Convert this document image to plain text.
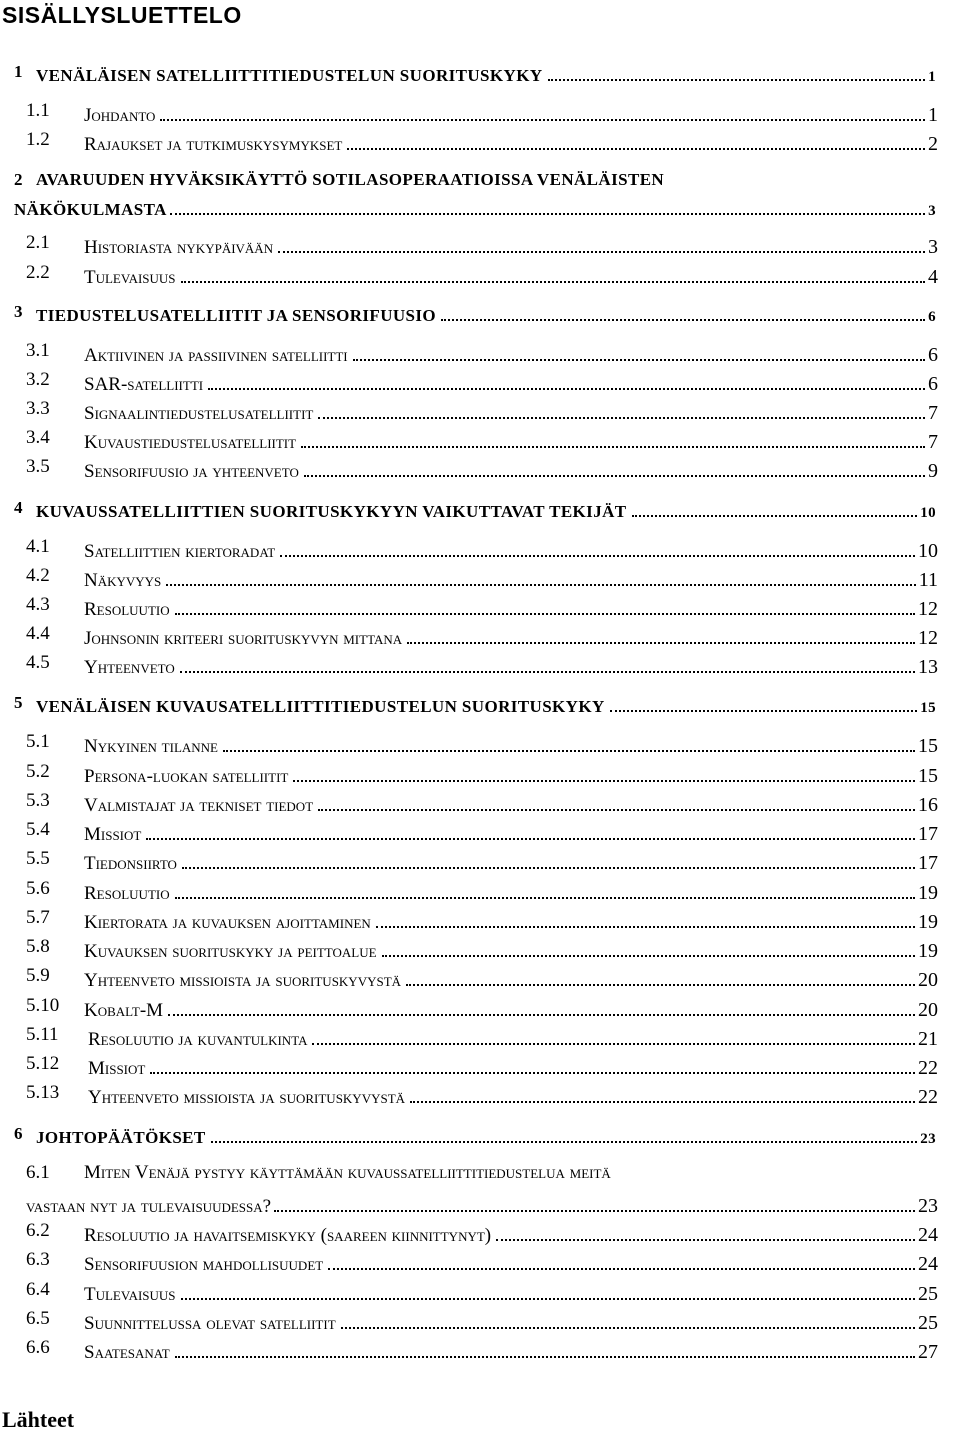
SISÄLLYSLUETTELO
1 VENÄLÄISEN SATELLIITTITIEDUSTELUN SUORITUSKYKY	1
1.1 Johdanto	1
1.2 Rajaukset ja tutkimuskysymykset	2
2 AVARUUDEN HYVÄKSIKÄYTTÖ SOTILASOPERAATIOISSA VENÄLÄISTEN
NÄKÖKULMASTA	3
2.1 Historiasta nykypäivään	3
2.2 Tulevaisuus	4
3 TIEDUSTELUSATELLIITIT JA SENSORIFUUSIO	6
3.1 Aktiivinen ja passiivinen satelliitti	6
3.2 SAR-satelliitti	6
3.3 Signaalintiedustelusatelliitit	7
3.4 Kuvaustiedustelusatelliitit	7
3.5 Sensorifuusio ja yhteenveto	9
4 KUVAUSSATELLIITTIEN SUORITUSKYKYYN VAIKUTTAVAT TEKIJÄT	10
4.1 Satelliittien kiertoradat	10
4.2 Näkyvyys	11
4.3 Resoluutio	12
4.4 Johnsonin kriteeri suorituskyvyn mittana	12
4.5 Yhteenveto	13
5 VENÄLÄISEN KUVAUSATELLIITTITIEDUSTELUN SUORITUSKYKY	15
5.1 Nykyinen tilanne	15
5.2 Persona-luokan satelliitit	15
5.3 Valmistajat ja tekniset tiedot	16
5.4 Missiot	17
5.5 Tiedonsiirto	17
5.6 Resoluutio	19
5.7 Kiertorata ja kuvauksen ajoittaminen	19
5.8 Kuvauksen suorituskyky ja peittoalue	19
5.9 Yhteenveto missioista ja suorituskyvystä	20
5.10 Kobalt-M	20
5.11 Resoluutio ja kuvantulkinta	21
5.12 Missiot	22
5.13 Yhteenveto missioista ja suorituskyvystä	22
6 JOHTOPÄÄTÖKSET	23
6.1 Miten Venäjä pystyy käyttämään kuvaussatelliittitiedustelua meitä
vastaan nyt ja tulevaisuudessa?	23
6.2 Resoluutio ja havaitsemiskyky (saareen kiinnittynyt)	24
6.3 Sensorifuusion mahdollisuudet	24
6.4 Tulevaisuus	25
6.5 Suunnittelussa olevat satelliitit	25
6.6 Saatesanat	27
Lähteet
